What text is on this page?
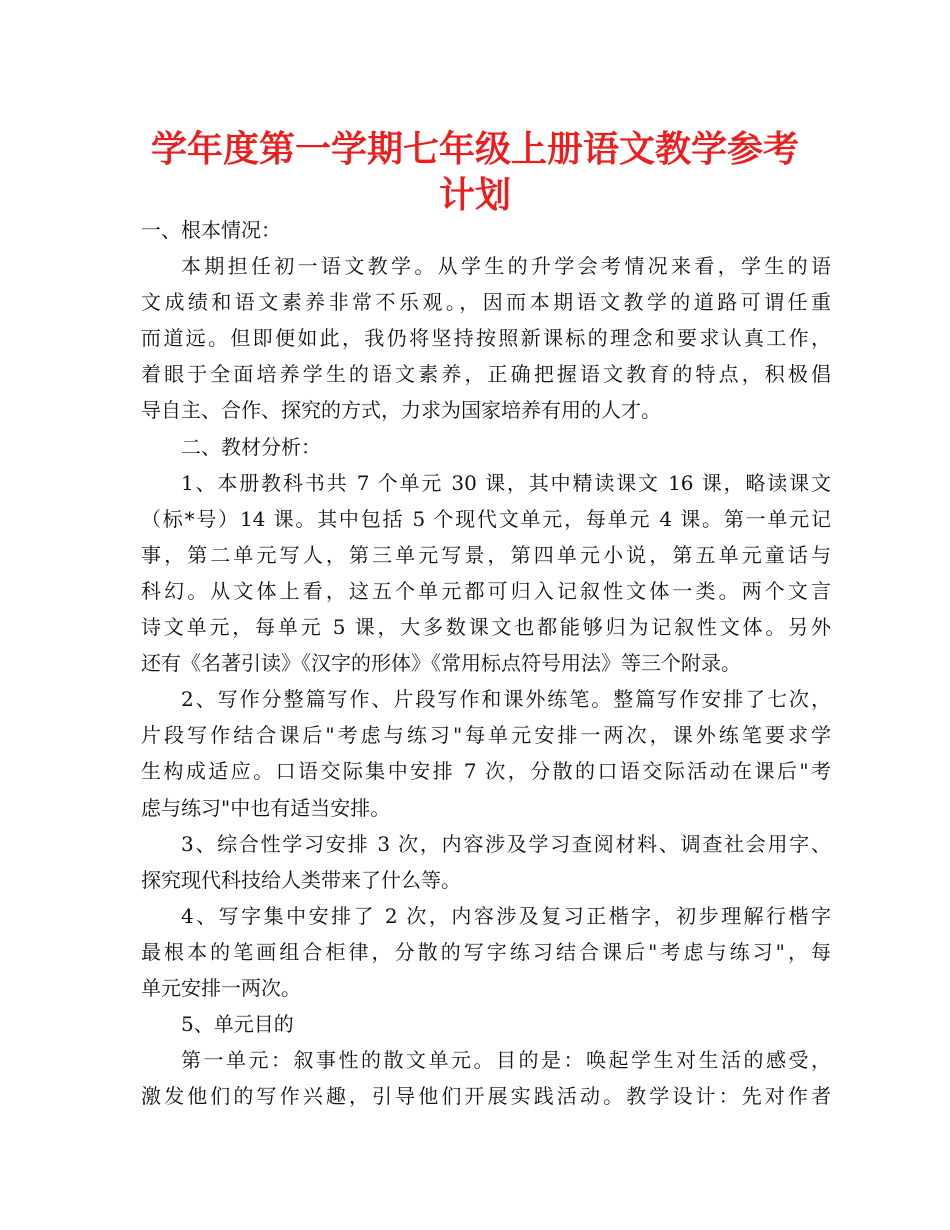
学年度第一学期七年级上册语文教学参考
计划
一、根本情况：
本期担任初一语文教学。从学生的升学会考情况来看，学生的语
文成绩和语文素养非常不乐观。，因而本期语文教学的道路可谓任重
而道远。但即便如此，我仍将坚持按照新课标的理念和要求认真工作，
着眼于全面培养学生的语文素养，正确把握语文教育的特点，积极倡
导自主、合作、探究的方式，力求为国家培养有用的人才。
二、教材分析：
1、本册教科书共 7 个单元 30 课，其中精读课文 16 课，略读课文
（标*号）14 课。其中包括 5 个现代文单元，每单元 4 课。第一单元记
事，第二单元写人，第三单元写景，第四单元小说，第五单元童话与
科幻。从文体上看，这五个单元都可归入记叙性文体一类。两个文言
诗文单元，每单元 5 课，大多数课文也都能够归为记叙性文体。另外
还有《名著引读》《汉字的形体》《常用标点符号用法》等三个附录。
2、写作分整篇写作、片段写作和课外练笔。整篇写作安排了七次，
片段写作结合课后"考虑与练习"每单元安排一两次，课外练笔要求学
生构成适应。口语交际集中安排 7 次，分散的口语交际活动在课后"考
虑与练习"中也有适当安排。
3、综合性学习安排 3 次，内容涉及学习查阅材料、调查社会用字、
探究现代科技给人类带来了什么等。
4、写字集中安排了 2 次，内容涉及复习正楷字，初步理解行楷字
最根本的笔画组合柜律，分散的写字练习结合课后"考虑与练习"，每
单元安排一两次。
5、单元目的
第一单元：叙事性的散文单元。目的是：唤起学生对生活的感受，
激发他们的写作兴趣，引导他们开展实践活动。教学设计：先对作者
